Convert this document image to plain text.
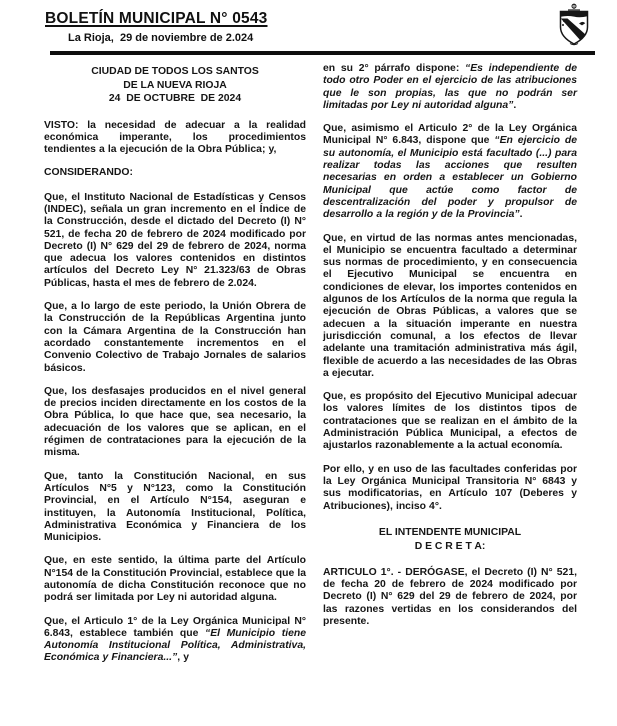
BOLETÍN MUNICIPAL N° 0543
La Rioja,  29 de noviembre de 2.024
CIUDAD DE TODOS LOS SANTOS
DE LA NUEVA RIOJA
24  DE OCTUBRE  DE 2024

VISTO: la necesidad de adecuar a la realidad económica imperante, los procedimientos tendientes a la ejecución de la Obra Pública; y,

CONSIDERANDO:

Que, el Instituto Nacional de Estadísticas y Censos (INDEC), señala un gran incremento en el Índice de la Construcción, desde el dictado del Decreto (I) N° 521, de fecha 20 de febrero de 2024 modificado por Decreto (I) N° 629 del 29 de febrero de 2024, norma que adecua los valores contenidos en distintos artículos del Decreto Ley N° 21.323/63 de Obras Públicas, hasta el mes de febrero de 2.024.

Que, a lo largo de este periodo, la Unión Obrera de la Construcción de la Repúblicas Argentina junto con la Cámara Argentina de la Construcción han acordado constantemente incrementos en el Convenio Colectivo de Trabajo Jornales de salarios básicos.

Que, los desfasajes producidos en el nivel general de precios inciden directamente en los costos de la Obra Pública, lo que hace que, sea necesario, la adecuación de los valores que se aplican, en el régimen de contrataciones para la ejecución de la misma.

Que, tanto la Constitución Nacional, en sus Artículos N°5 y N°123, como la Constitución Provincial, en el Artículo N°154, aseguran e instituyen, la Autonomía Institucional, Política, Administrativa Económica y Financiera de los Municipios.

Que, en este sentido, la última parte del Artículo N°154 de la Constitución Provincial, establece que la autonomía de dicha Constitución reconoce que no podrá ser limitada por Ley ni autoridad alguna.

Que, el Articulo 1° de la Ley Orgánica Municipal N° 6.843, establece también que “El Municipio tiene Autonomía Institucional Política, Administrativa, Económica y Financiera...”, y

en su 2° párrafo dispone: “Es independiente de todo otro Poder en el ejercicio de las atribuciones que le son propias, las que no podrán ser limitadas por Ley ni autoridad alguna”.

Que, asimismo el Articulo 2° de la Ley Orgánica Municipal N° 6.843, dispone que “En ejercicio de su autonomía, el Municipio está facultado (...) para realizar todas las acciones que resulten necesarias en orden a establecer un Gobierno Municipal que actúe como factor de descentralización del poder y propulsor de desarrollo a la región y de la Provincia”.

Que, en virtud de las normas antes mencionadas, el Municipio se encuentra facultado a determinar sus normas de procedimiento, y en consecuencia el Ejecutivo Municipal se encuentra en condiciones de elevar, los importes contenidos en algunos de los Artículos de la norma que regula la ejecución de Obras Públicas, a valores que se adecuen a la situación imperante en nuestra jurisdicción comunal, a los efectos de llevar adelante una tramitación administrativa más ágil, flexible de acuerdo a las necesidades de las Obras a ejecutar.

Que, es propósito del Ejecutivo Municipal adecuar los valores límites de los distintos tipos de contrataciones que se realizan en el ámbito de la Administración Pública Municipal, a efectos de ajustarlos razonablemente a la actual economía.

Por ello, y en uso de las facultades conferidas por la Ley Orgánica Municipal Transitoria N° 6843 y sus modificatorias, en Artículo 107 (Deberes y Atribuciones), inciso 4°.

EL INTENDENTE MUNICIPAL
D E C R E T A:

ARTICULO 1°. - DERÓGASE, el Decreto (I) N° 521, de fecha 20 de febrero de 2024 modificado por Decreto (I) N° 629 del 29 de febrero de 2024, por las razones vertidas en los considerandos del presente.
